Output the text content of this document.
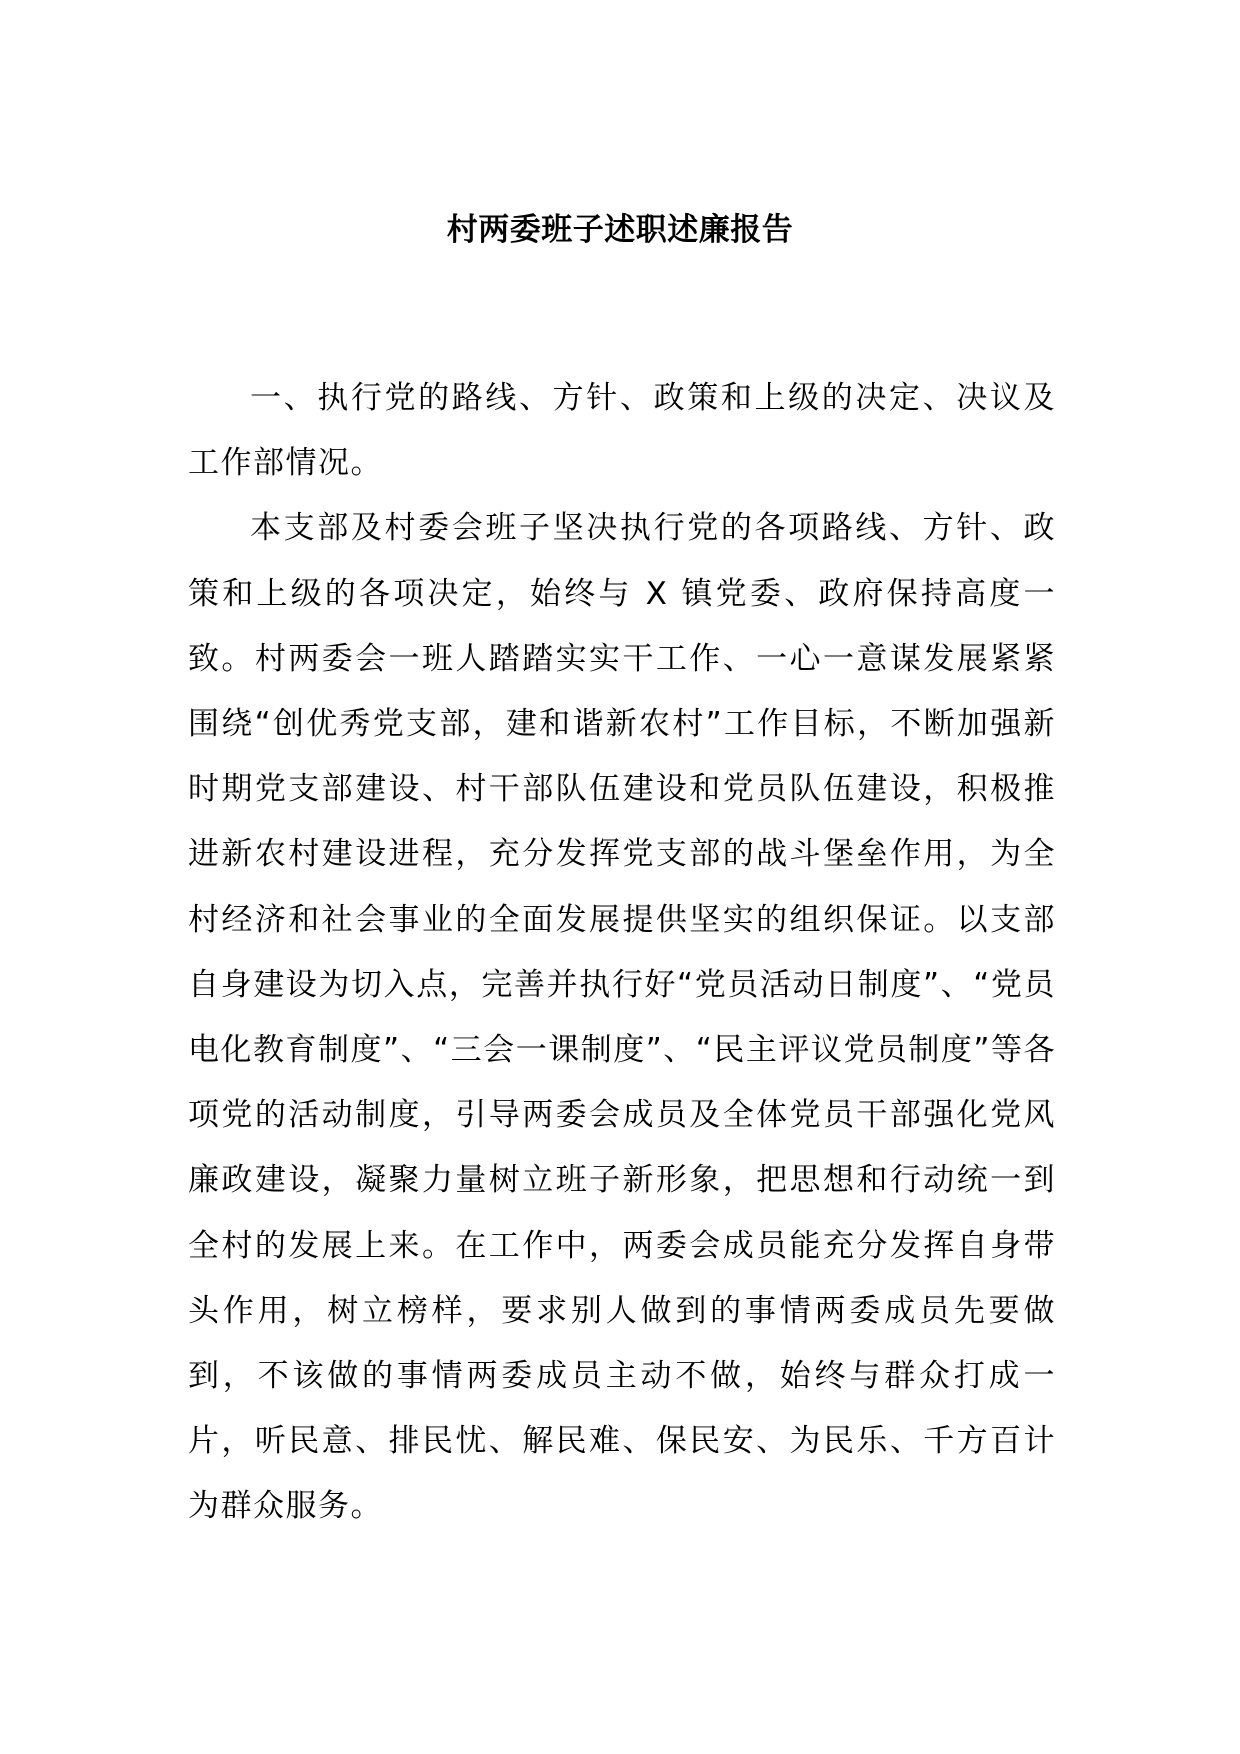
村两委班子述职述廉报告

一、执行党的路线、方针、政策和上级的决定、决议及工作部情况。

本支部及村委会班子坚决执行党的各项路线、方针、政策和上级的各项决定，始终与 X 镇党委、政府保持高度一致。村两委会一班人踏踏实实干工作、一心一意谋发展紧紧围绕“创优秀党支部，建和谐新农村”工作目标，不断加强新时期党支部建设、村干部队伍建设和党员队伍建设，积极推进新农村建设进程，充分发挥党支部的战斗堡垒作用，为全村经济和社会事业的全面发展提供坚实的组织保证。以支部自身建设为切入点，完善并执行好“党员活动日制度”、“党员电化教育制度”、“三会一课制度”、“民主评议党员制度”等各项党的活动制度，引导两委会成员及全体党员干部强化党风廉政建设，凝聚力量树立班子新形象，把思想和行动统一到全村的发展上来。在工作中，两委会成员能充分发挥自身带头作用，树立榜样，要求别人做到的事情两委成员先要做到，不该做的事情两委成员主动不做，始终与群众打成一片，听民意、排民忧、解民难、保民安、为民乐、千方百计为群众服务。
